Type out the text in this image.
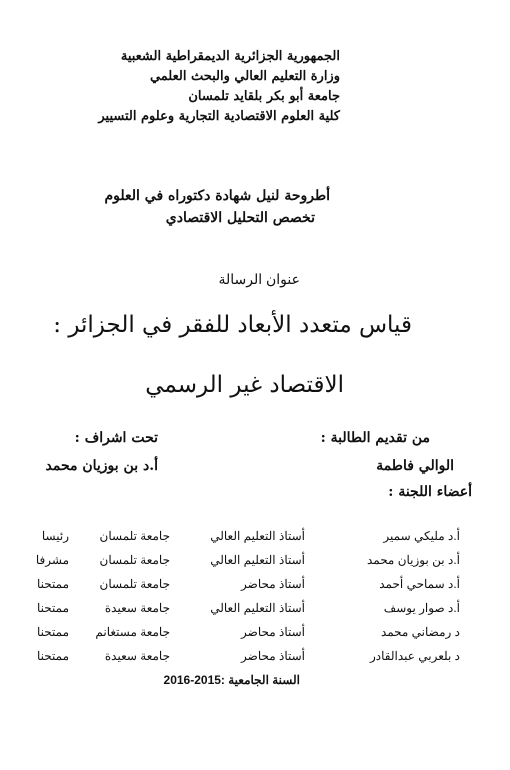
الجمهورية الجزائرية الديمقراطية الشعبية
وزارة التعليم العالي والبحث العلمي
جامعة أبو بكر بلقايد تلمسان
كلية العلوم الاقتصادية التجارية وعلوم التسيير
أطروحة لنيل شهادة دكتوراه في العلوم
تخصص التحليل الاقتصادي
عنوان الرسالة
قياس متعدد الأبعاد للفقر في الجزائر :
الاقتصاد غير الرسمي
من تقديم الطالبة :
الوالي فاطمة
تحت اشراف :
أ.د بن بوزيان محمد
أعضاء اللجنة :
أ.د مليكي سمير
أستاذ التعليم العالي
جامعة تلمسان
رئيسا
أ.د بن بوزيان محمد
أستاذ التعليم العالي
جامعة تلمسان
مشرفا
أ.د سماحي أحمد
أستاذ محاضر
جامعة تلمسان
ممتحنا
أ.د صوار يوسف
أستاذ التعليم العالي
جامعة سعيدة
ممتحنا
د رمضاني محمد
أستاذ محاضر
جامعة مستغانم
ممتحنا
د بلعربي عبدالقادر
أستاذ محاضر
جامعة سعيدة
ممتحنا
السنة الجامعية :2015-2016
